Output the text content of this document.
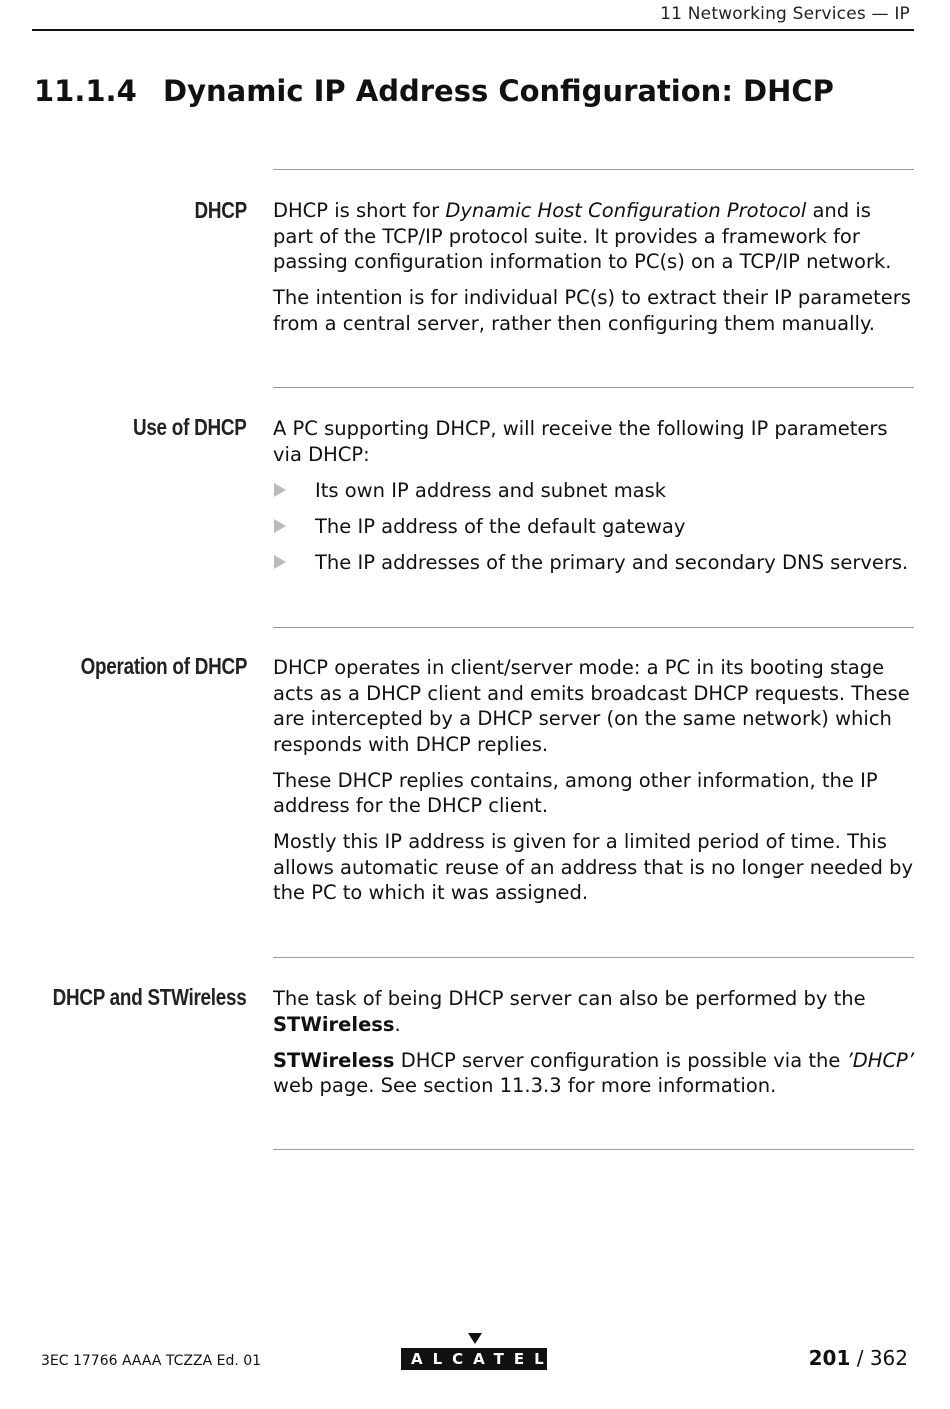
11 Networking Services — IP
11.1.4 Dynamic IP Address Configuration: DHCP
DHCP DHCP is short for Dynamic Host Configuration Protocol and is part of the TCP/IP protocol suite. It provides a framework for passing configuration information to PC(s) on a TCP/IP network.

The intention is for individual PC(s) to extract their IP parameters from a central server, rather then configuring them manually.

Use of DHCP A PC supporting DHCP, will receive the following IP parameters via DHCP:

Its own IP address and subnet mask
The IP address of the default gateway
The IP addresses of the primary and secondary DNS servers.
Operation of DHCP DHCP operates in client/server mode: a PC in its booting stage acts as a DHCP client and emits broadcast DHCP requests. These are intercepted by a DHCP server (on the same network) which responds with DHCP replies.

These DHCP replies contains, among other information, the IP address for the DHCP client.

Mostly this IP address is given for a limited period of time. This allows automatic reuse of an address that is no longer needed by the PC to which it was assigned.

DHCP and STWireless The task of being DHCP server can also be performed by the STWireless.

STWireless DHCP server configuration is possible via the ’DHCP’ web page. See section 11.3.3 for more information.

3EC 17766 AAAA TCZZA Ed. 01	ALCATEL	201 / 362
